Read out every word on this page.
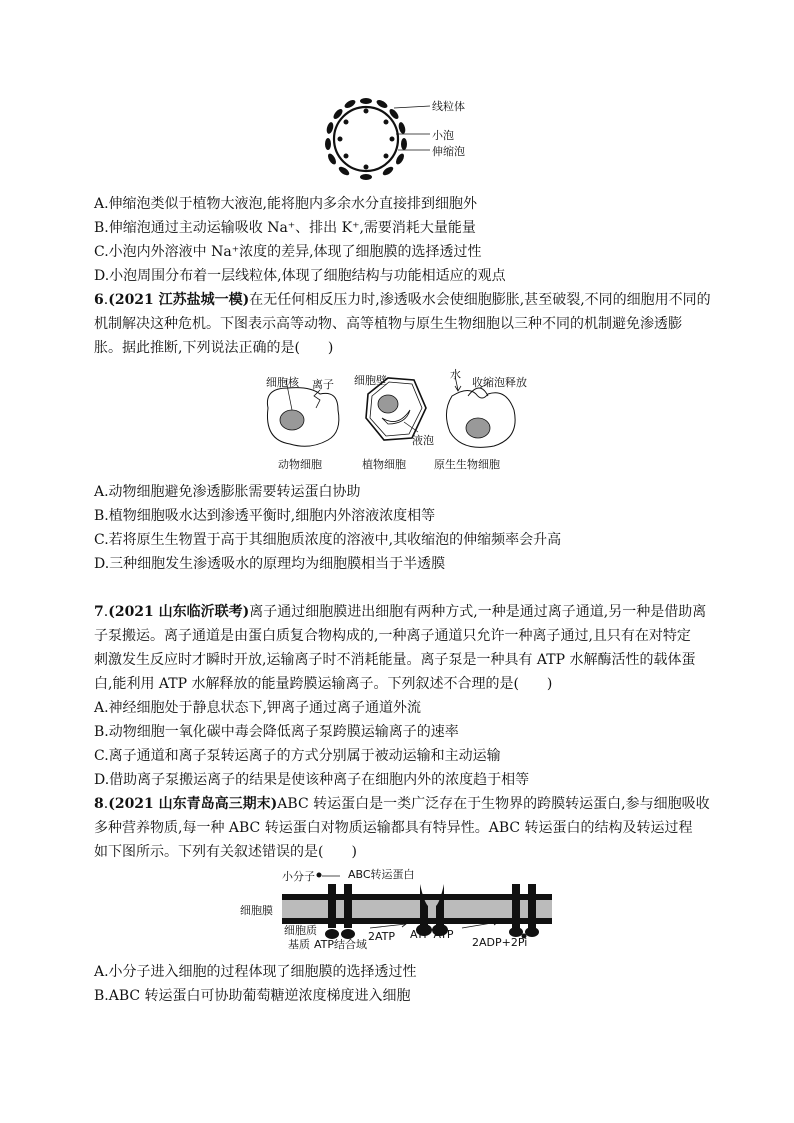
线粒体
小泡
伸缩泡
A.伸缩泡类似于植物大液泡,能将胞内多余水分直接排到细胞外
B.伸缩泡通过主动运输吸收 Na⁺、排出 K⁺,需要消耗大量能量
C.小泡内外溶液中 Na⁺浓度的差异,体现了细胞膜的选择透过性
D.小泡周围分布着一层线粒体,体现了细胞结构与功能相适应的观点
6.(2021 江苏盐城一模)在无任何相反压力时,渗透吸水会使细胞膨胀,甚至破裂,不同的细胞用不同的
机制解决这种危机。下图表示高等动物、高等植物与原生生物细胞以三种不同的机制避免渗透膨
胀。据此推断,下列说法正确的是(　　)
细胞核 离子 细胞壁
液泡
水
收缩泡释放
动物细胞	植物细胞	原生生物细胞
A.动物细胞避免渗透膨胀需要转运蛋白协助
B.植物细胞吸水达到渗透平衡时,细胞内外溶液浓度相等
C.若将原生生物置于高于其细胞质浓度的溶液中,其收缩泡的伸缩频率会升高
D.三种细胞发生渗透吸水的原理均为细胞膜相当于半透膜
7.(2021 山东临沂联考)离子通过细胞膜进出细胞有两种方式,一种是通过离子通道,另一种是借助离
子泵搬运。离子通道是由蛋白质复合物构成的,一种离子通道只允许一种离子通过,且只有在对特定
刺激发生反应时才瞬时开放,运输离子时不消耗能量。离子泵是一种具有 ATP 水解酶活性的载体蛋
白,能利用 ATP 水解释放的能量跨膜运输离子。下列叙述不合理的是(　　)
A.神经细胞处于静息状态下,钾离子通过离子通道外流
B.动物细胞一氧化碳中毒会降低离子泵跨膜运输离子的速率
C.离子通道和离子泵转运离子的方式分别属于被动运输和主动运输
D.借助离子泵搬运离子的结果是使该种离子在细胞内外的浓度趋于相等
8.(2021 山东青岛高三期末)ABC 转运蛋白是一类广泛存在于生物界的跨膜转运蛋白,参与细胞吸收
多种营养物质,每一种 ABC 转运蛋白对物质运输都具有特异性。ABC 转运蛋白的结构及转运过程
如下图所示。下列有关叙述错误的是(　　)
小分子	ABC转运蛋白
细胞膜
细胞质
基质 ATP结合域
2ATP ATP ATP
2ADP+2Pi
A.小分子进入细胞的过程体现了细胞膜的选择透过性
B.ABC 转运蛋白可协助葡萄糖逆浓度梯度进入细胞
